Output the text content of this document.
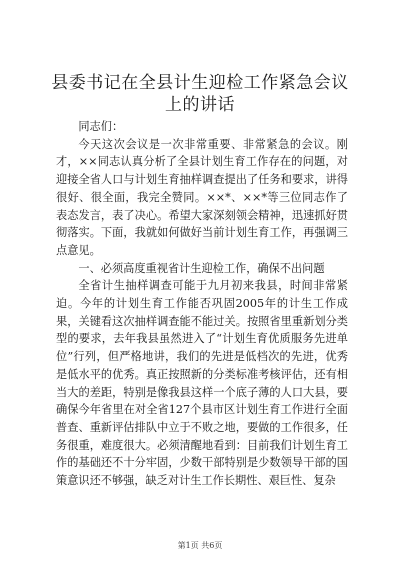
县委书记在全县计生迎检工作紧急会议上的讲话

同志们：

今天这次会议是一次非常重要、非常紧急的会议。刚才，××同志认真分析了全县计划生育工作存在的问题，对迎接全省人口与计划生育抽样调查提出了任务和要求，讲得很好、很全面，我完全赞同。××*、××*等三位同志作了表态发言，表了决心。希望大家深刻领会精神，迅速抓好贯彻落实。下面，我就如何做好当前计划生育工作，再强调三点意见。

一、必须高度重视省计生迎检工作，确保不出问题

全省计生抽样调查可能于九月初来我县，时间非常紧迫。今年的计划生育工作能否巩固2005年的计生工作成果，关键看这次抽样调查能不能过关。按照省里重新划分类型的要求，去年我县虽然进入了“计划生育优质服务先进单位”行列，但严格地讲，我们的先进是低档次的先进，优秀是低水平的优秀。真正按照新的分类标准考核评估，还有相当大的差距，特别是像我县这样一个底子薄的人口大县，要确保今年省里在对全省127个县市区计划生育工作进行全面普查、重新评估排队中立于不败之地，要做的工作很多，任务很重，难度很大。必须清醒地看到：目前我们计划生育工作的基础还不十分牢固，少数干部特别是少数领导干部的国策意识还不够强，缺乏对计生工作长期性、艰巨性、复杂

第1页 共6页
